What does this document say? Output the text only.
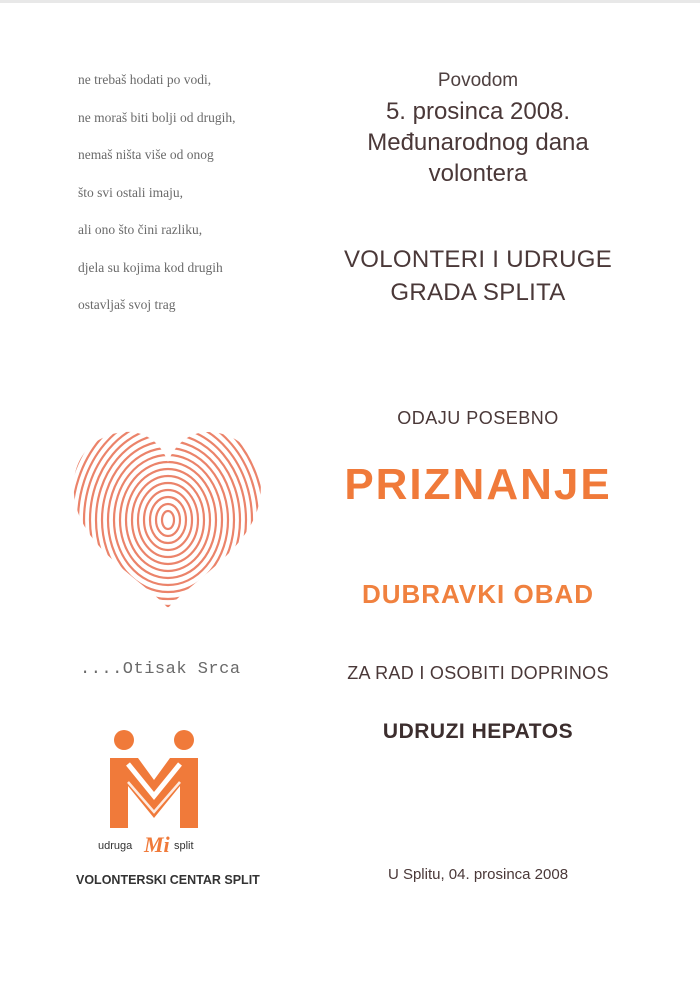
ne trebaš hodati po vodi,
ne moraš biti bolji od drugih,
nemaš ništa više od onog
što svi ostali imaju,
ali ono što čini razliku,
djela su kojima kod drugih
ostavljaš svoj trag
Povodom
5. prosinca 2008.
Međunarodnog dana
volontera
VOLONTERI I UDRUGE
GRADA SPLITA
ODAJU POSEBNO
PRIZNANJE
DUBRAVKI OBAD
ZA RAD I OSOBITI DOPRINOS
UDRUZI HEPATOS
U Splitu, 04. prosinca 2008
....Otisak Srca
udruga Mi split
VOLONTERSKI CENTAR SPLIT
